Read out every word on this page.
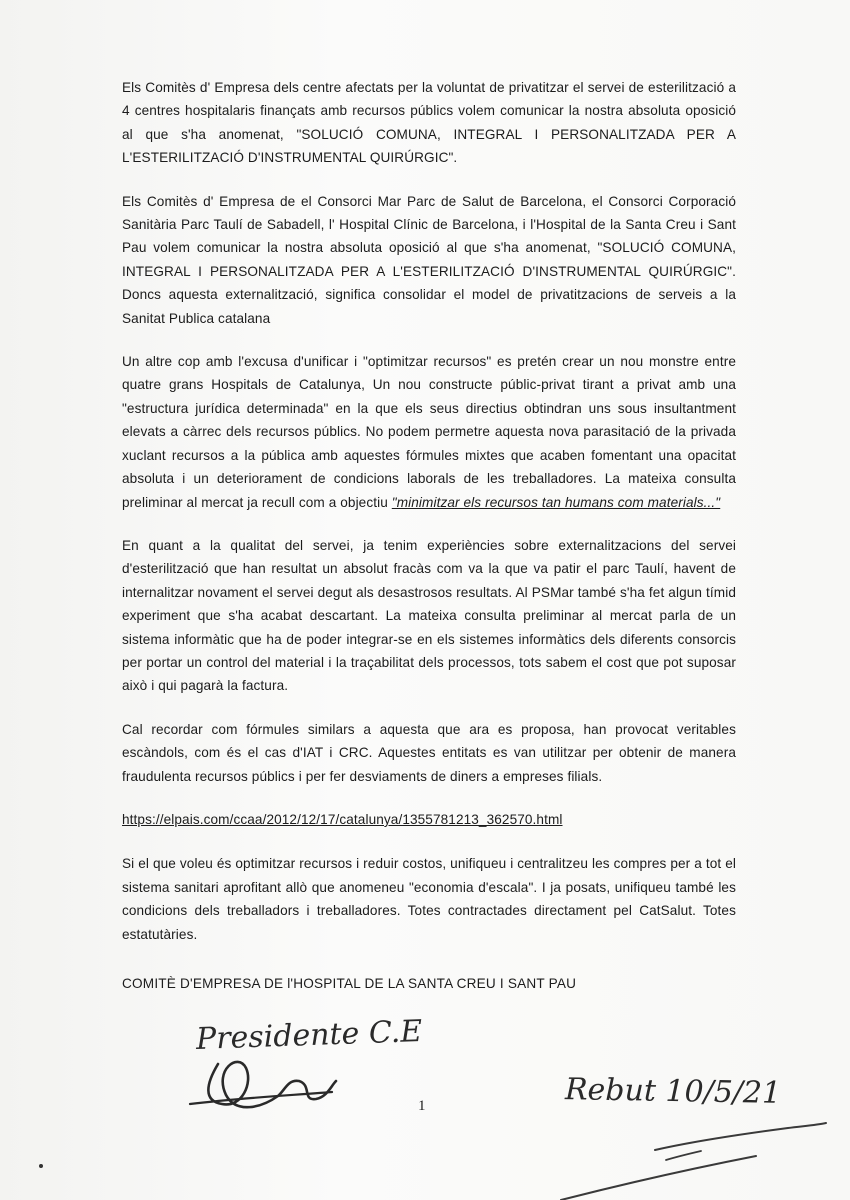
Els Comitès d' Empresa dels centre afectats per la voluntat de privatitzar el servei de esterilització a 4 centres hospitalaris finançats amb recursos públics volem comunicar la nostra absoluta oposició al que s'ha anomenat, "SOLUCIÓ COMUNA, INTEGRAL I PERSONALITZADA PER A L'ESTERILITZACIÓ D'INSTRUMENTAL QUIRÚRGIC".

Els Comitès d' Empresa de el Consorci Mar Parc de Salut de Barcelona, el Consorci Corporació Sanitària Parc Taulí de Sabadell, l' Hospital Clínic de Barcelona, i l'Hospital de la Santa Creu i Sant Pau volem comunicar la nostra absoluta oposició al que s'ha anomenat, "SOLUCIÓ COMUNA, INTEGRAL I PERSONALITZADA PER A L'ESTERILITZACIÓ D'INSTRUMENTAL QUIRÚRGIC". Doncs aquesta externalització, significa consolidar el model de privatitzacions de serveis a la Sanitat Publica catalana

Un altre cop amb l'excusa d'unificar i "optimitzar recursos" es pretén crear un nou monstre entre quatre grans Hospitals de Catalunya, Un nou constructe públic-privat tirant a privat amb una "estructura jurídica determinada" en la que els seus directius obtindran uns sous insultantment elevats a càrrec dels recursos públics. No podem permetre aquesta nova parasitació de la privada xuclant recursos a la pública amb aquestes fórmules mixtes que acaben fomentant una opacitat absoluta i un deteriorament de condicions laborals de les treballadores. La mateixa consulta preliminar al mercat ja recull com a objectiu "minimitzar els recursos tan humans com materials..."

En quant a la qualitat del servei, ja tenim experiències sobre externalitzacions del servei d'esterilització que han resultat un absolut fracàs com va la que va patir el parc Taulí, havent de internalitzar novament el servei degut als desastrosos resultats. Al PSMar també s'ha fet algun tímid experiment que s'ha acabat descartant. La mateixa consulta preliminar al mercat parla de un sistema informàtic que ha de poder integrar-se en els sistemes informàtics dels diferents consorcis per portar un control del material i la traçabilitat dels processos, tots sabem el cost que pot suposar això i qui pagarà la factura.

Cal recordar com fórmules similars a aquesta que ara es proposa, han provocat veritables escàndols, com és el cas d'IAT i CRC. Aquestes entitats es van utilitzar per obtenir de manera fraudulenta recursos públics i per fer desviaments de diners a empreses filials.

https://elpais.com/ccaa/2012/12/17/catalunya/1355781213_362570.html

Si el que voleu és optimitzar recursos i reduir costos, unifiqueu i centralitzeu les compres per a tot el sistema sanitari aprofitant allò que anomeneu "economia d'escala". I ja posats, unifiqueu també les condicions dels treballadors i treballadores. Totes contractades directament pel CatSalut. Totes estatutàries.

COMITÈ D'EMPRESA DE l'HOSPITAL DE LA SANTA CREU I SANT PAU

1
Presidente C.E
Rebut 10/5/21
